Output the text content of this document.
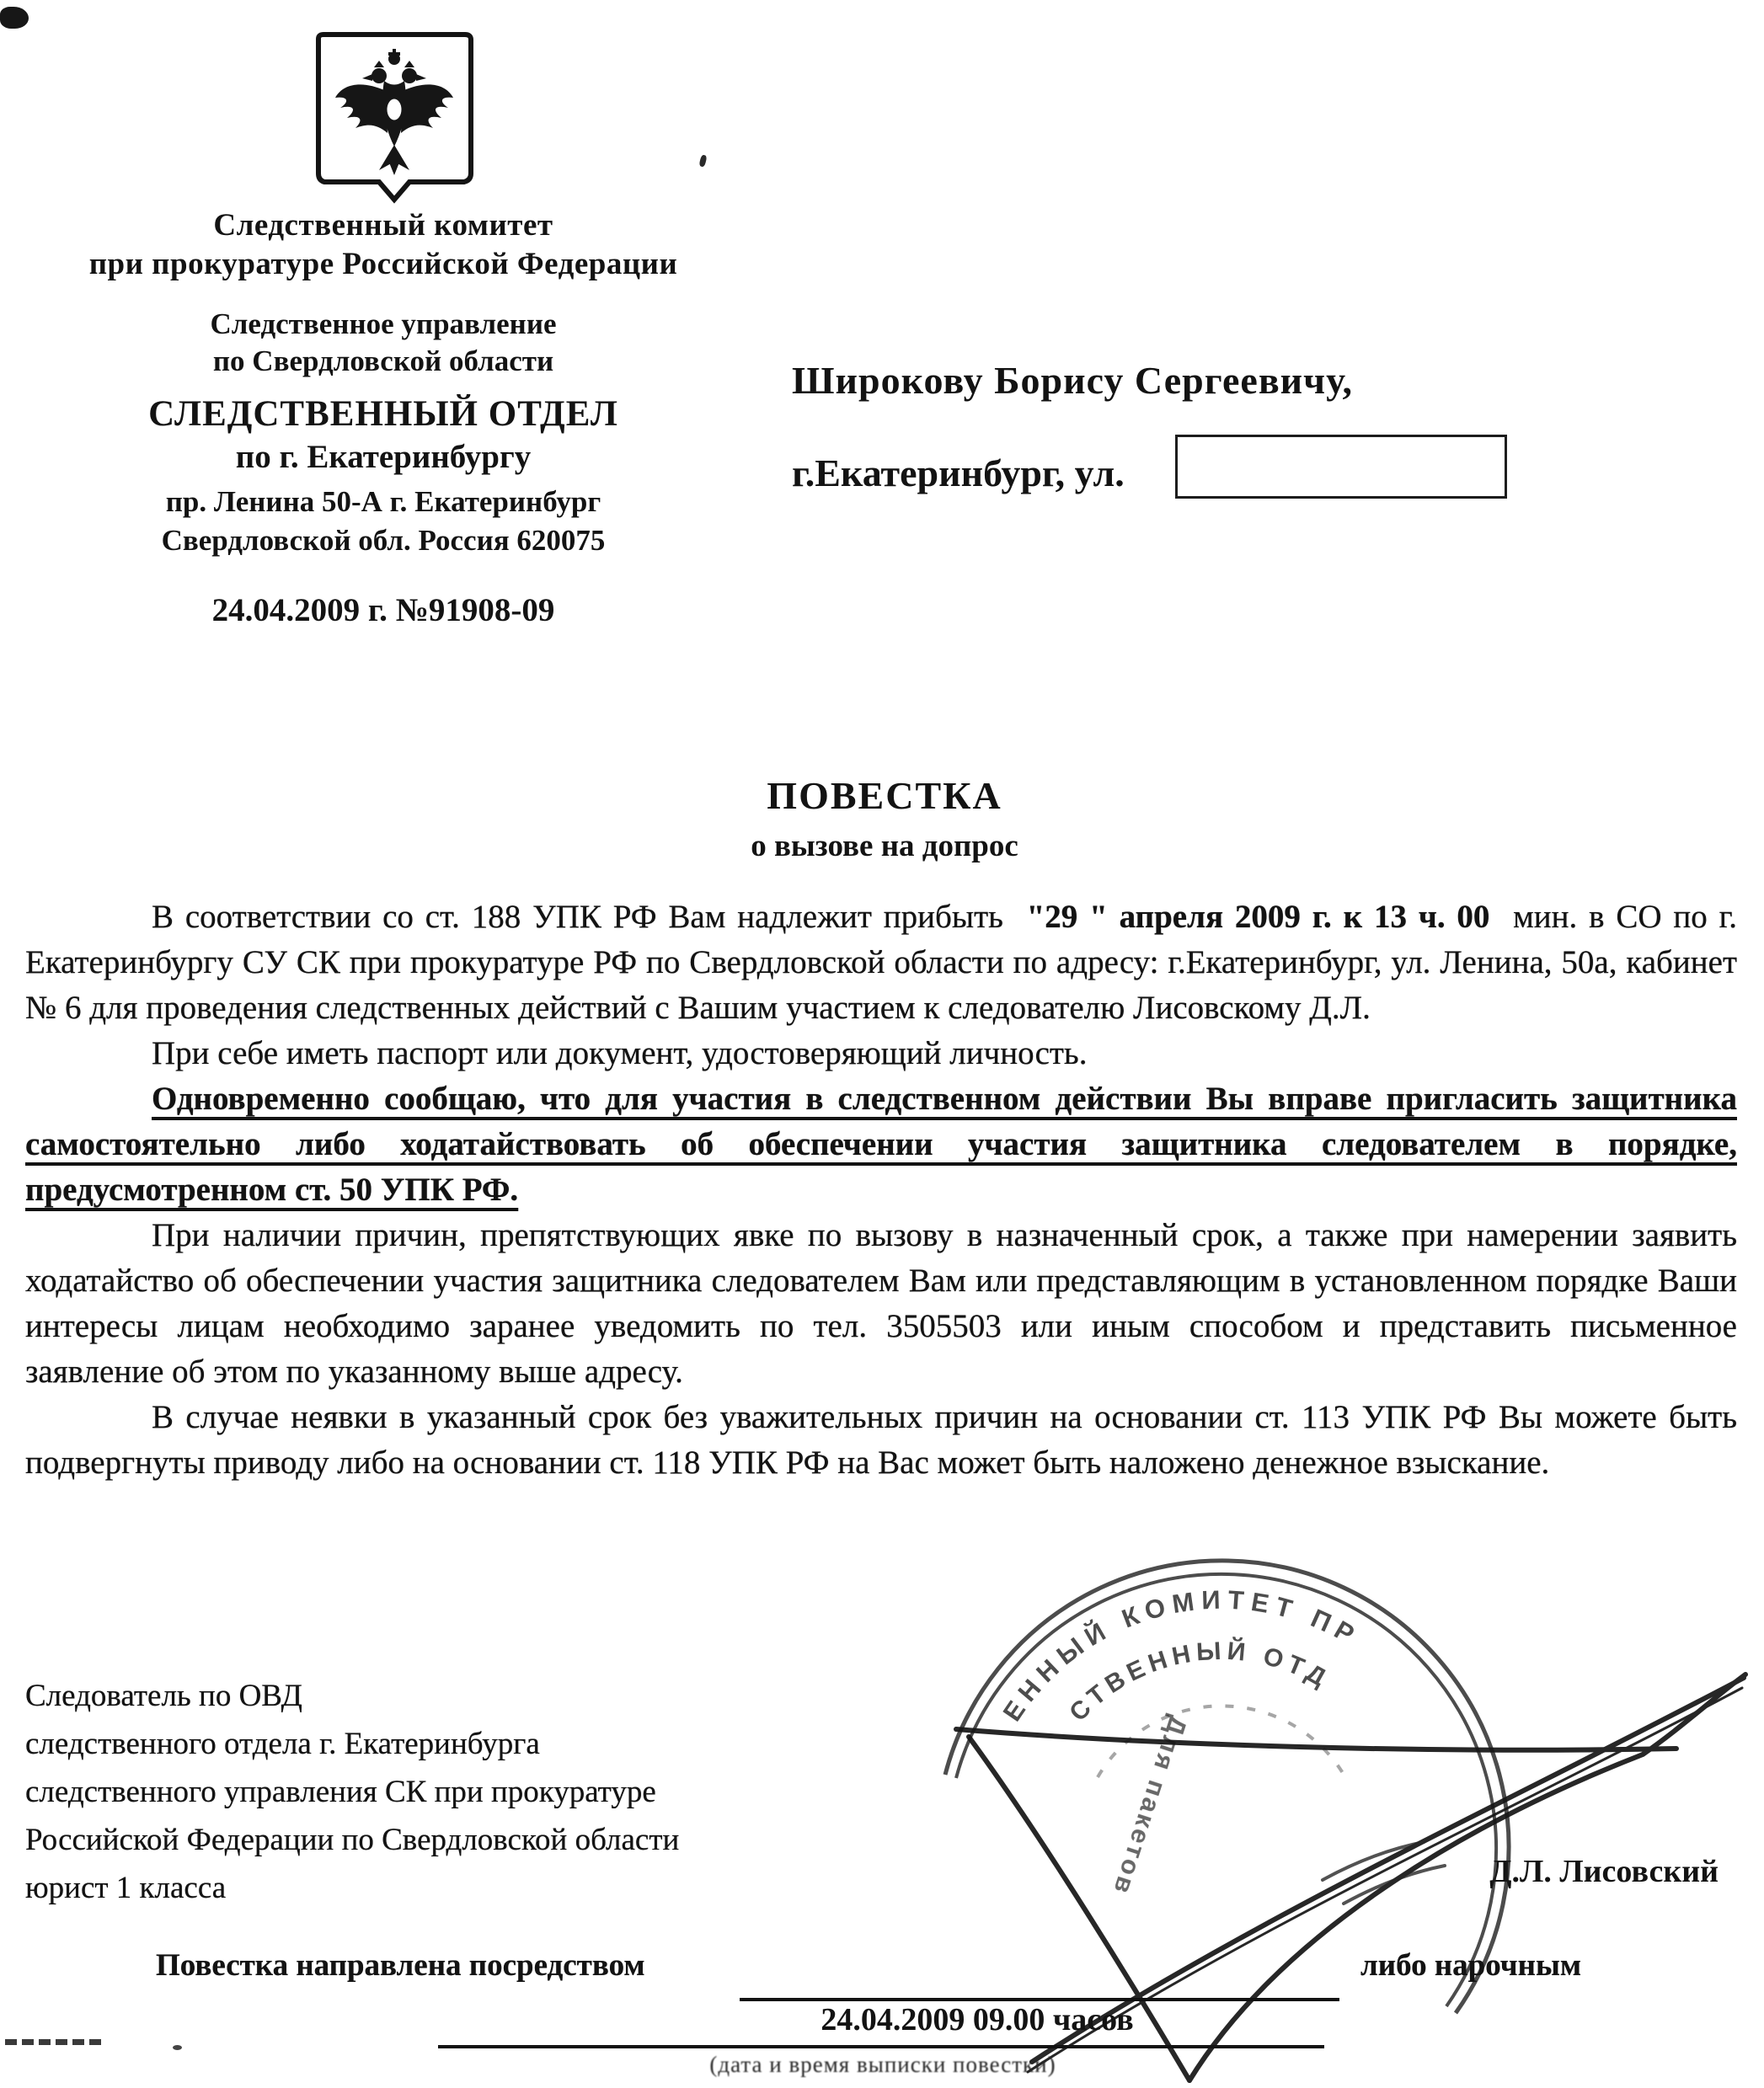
Следственный комитет
при прокуратуре Российской Федерации
Следственное управление
по Свердловской области
СЛЕДСТВЕННЫЙ ОТДЕЛ
по г. Екатеринбургу
пр. Ленина 50-А г. Екатеринбург
Свердловской обл. Россия 620075
24.04.2009 г. №91908-09
Широкову Борису Сергеевичу,
г.Екатеринбург, ул.
ПОВЕСТКА
о вызове на допрос

В соответствии со ст. 188 УПК РФ Вам надлежит прибыть "29 " апреля 2009 г. к 13 ч. 00 мин. в СО по г. Екатеринбургу СУ СК при прокуратуре РФ по Свердловской области по адресу: г.Екатеринбург, ул. Ленина, 50а, кабинет № 6 для проведения следственных действий с Вашим участием к следователю Лисовскому Д.Л.

При себе иметь паспорт или документ, удостоверяющий личность.

Одновременно сообщаю, что для участия в следственном действии Вы вправе пригласить защитника самостоятельно либо ходатайствовать об обеспечении участия защитника следователем в порядке, предусмотренном ст. 50 УПК РФ.

При наличии причин, препятствующих явке по вызову в назначенный срок, а также при намерении заявить ходатайство об обеспечении участия защитника следователем Вам или представляющим в установленном порядке Ваши интересы лицам необходимо заранее уведомить по тел. 3505503 или иным способом и представить письменное заявление об этом по указанному выше адресу.

В случае неявки в указанный срок без уважительных причин на основании ст. 113 УПК РФ Вы можете быть подвергнуты приводу либо на основании ст. 118 УПК РФ на Вас может быть наложено денежное взыскание.

Следователь по ОВД
следственного отдела г. Екатеринбурга
следственного управления СК при прокуратуре
Российской Федерации по Свердловской области
юрист 1 класса	Д.Л. Лисовский
ЕННЫЙ КОМИТЕТ ПР
СТВЕННЫЙ ОТД
Для пакетов
Повестка направлена посредством	либо нарочным
24.04.2009 09.00 часов
(дата и время выписки повестки)
